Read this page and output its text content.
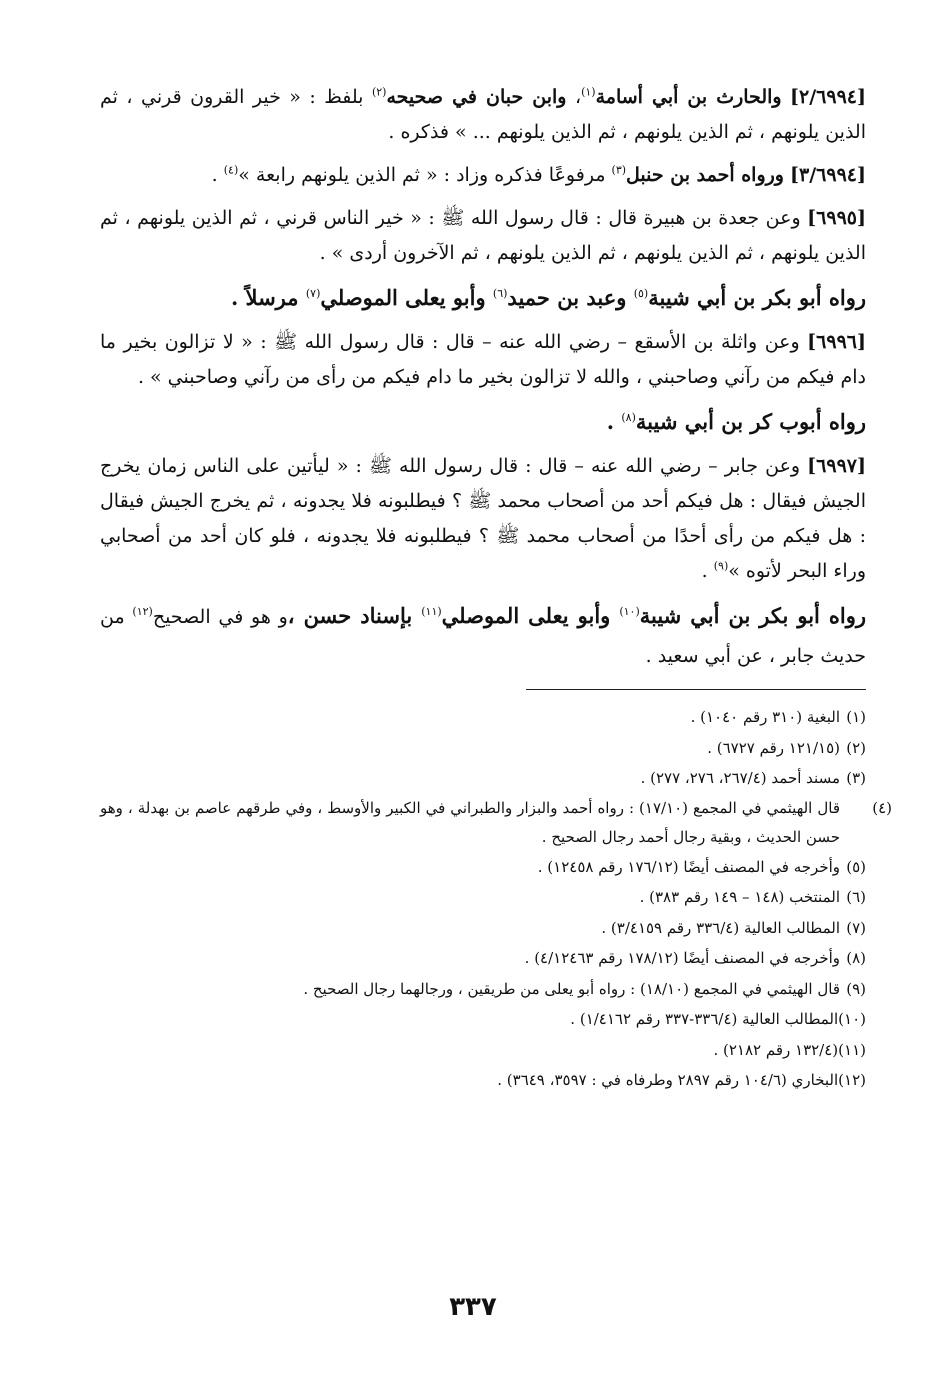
[٢/٦٩٩٤] والحارث بن أبي أسامة$^{(١)}$، وابن حبان في صحيحه$^{(٢)}$ بلفظ : « خير القرون قرني ، ثم الذين يلونهم ، ثم الذين يلونهم ، ثم الذين يلونهم ... » فذكره .

[٣/٦٩٩٤] ورواه أحمد بن حنبل$^{(٣)}$ مرفوعًا فذكره وزاد : « ثم الذين يلونهم رابعة »$^{(٤)}$ .

[٦٩٩٥] وعن جعدة بن هبيرة قال : قال رسول الله ﷺ : « خير الناس قرني ، ثم الذين يلونهم ، ثم الذين يلونهم ، ثم الذين يلونهم ، ثم الذين يلونهم ، ثم الآخرون أردى » .

رواه أبو بكر بن أبي شيبة$^{(٥)}$ وعبد بن حميد$^{(٦)}$ وأبو يعلى الموصلي$^{(٧)}$ مرسلاً .

[٦٩٩٦] وعن واثلة بن الأسقع – رضي الله عنه – قال : قال رسول الله ﷺ : « لا تزالون بخير ما دام فيكم من رآني وصاحبني ، والله لا تزالون بخير ما دام فيكم من رأى من رآني وصاحبني » .

رواه أبوب كر بن أبي شيبة$^{(٨)}$ .

[٦٩٩٧] وعن جابر – رضي الله عنه – قال : قال رسول الله ﷺ : « ليأتين على الناس زمان يخرج الجيش فيقال : هل فيكم أحد من أصحاب محمد ﷺ ؟ فيطلبونه فلا يجدونه ، ثم يخرج الجيش فيقال : هل فيكم من رأى أحدًا من أصحاب محمد ﷺ ؟ فيطلبونه فلا يجدونه ، فلو كان أحد من أصحابي وراء البحر لأتوه »$^{(٩)}$ .

رواه أبو بكر بن أبي شيبة$^{(١٠)}$ وأبو يعلى الموصلي$^{(١١)}$ بإسناد حسن ،و هو في الصحيح$^{(١٢)}$ من حديث جابر ، عن أبي سعيد .

(١)البغية (٣١٠ رقم ١٠٤٠) .

(٢)(١٢١/١٥ رقم ٦٧٢٧) .

(٣)مسند أحمد (٢٦٧/٤، ٢٧٦، ٢٧٧) .

(٤)قال الهيثمي في المجمع (١٧/١٠) : رواه أحمد والبزار والطبراني في الكبير والأوسط ، وفي طرقهم عاصم بن بهدلة ، وهو حسن الحديث ، وبقية رجال أحمد رجال الصحيح .

(٥)وأخرجه في المصنف أيضًا (١٧٦/١٢ رقم ١٢٤٥٨) .

(٦)المنتخب (١٤٨ – ١٤٩ رقم ٣٨٣) .

(٧)المطالب العالية (٣٣٦/٤ رقم ٣/٤١٥٩) .

(٨)وأخرجه في المصنف أيضًا (١٧٨/١٢ رقم ٤/١٢٤٦٣) .

(٩)قال الهيثمي في المجمع (١٨/١٠) : رواه أبو يعلى من طريقين ، ورجالهما رجال الصحيح .

(١٠)المطالب العالية (٣٣٦/٤-٣٣٧ رقم ١/٤١٦٢) .

(١١)(١٣٢/٤ رقم ٢١٨٢) .

(١٢)البخاري (١٠٤/٦ رقم ٢٨٩٧ وطرفاه في : ٣٥٩٧، ٣٦٤٩) .

٣٣٧
